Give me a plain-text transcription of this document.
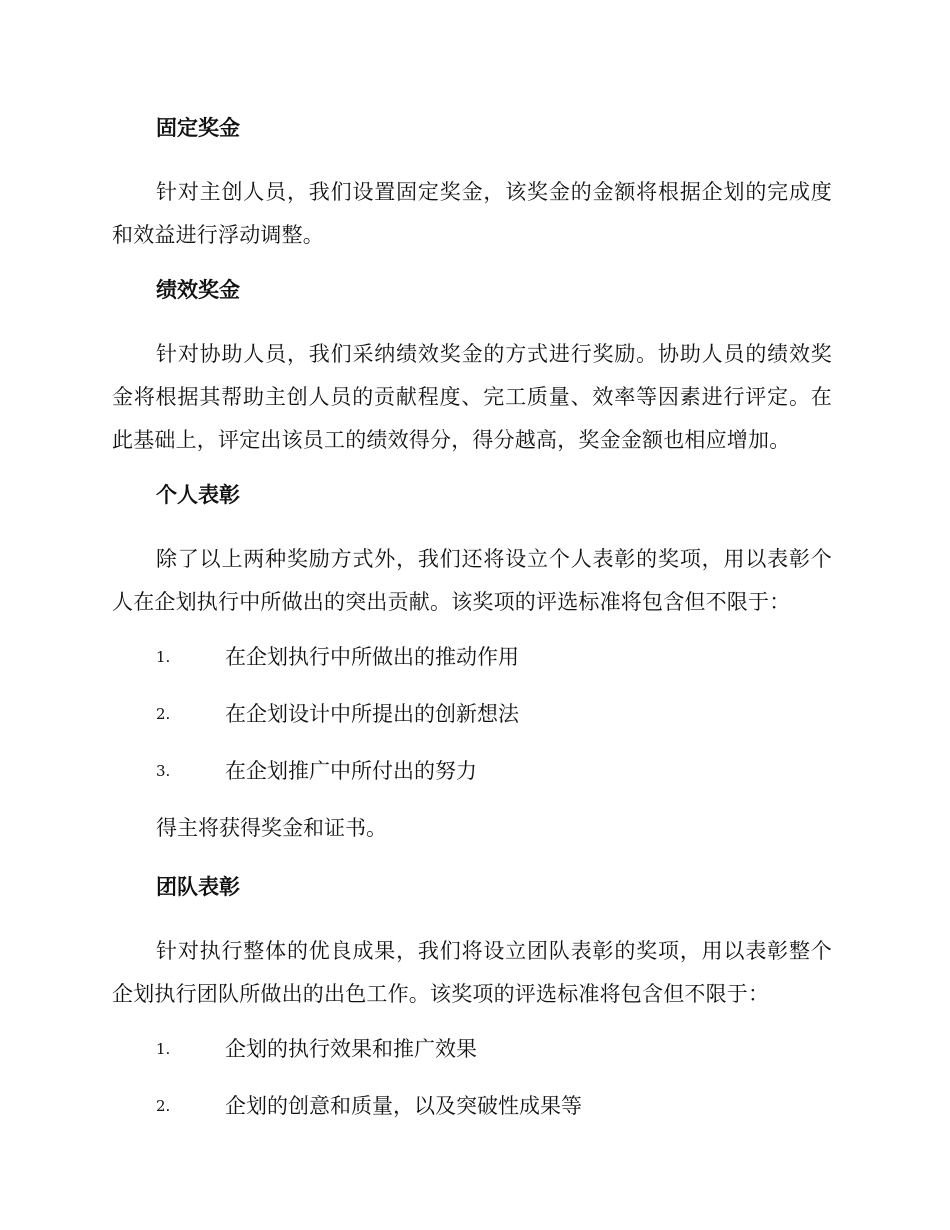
固定奖金

针对主创人员，我们设置固定奖金，该奖金的金额将根据企划的完成度和效益进行浮动调整。

绩效奖金

针对协助人员，我们采纳绩效奖金的方式进行奖励。协助人员的绩效奖金将根据其帮助主创人员的贡献程度、完工质量、效率等因素进行评定。在此基础上，评定出该员工的绩效得分，得分越高，奖金金额也相应增加。

个人表彰

除了以上两种奖励方式外，我们还将设立个人表彰的奖项，用以表彰个人在企划执行中所做出的突出贡献。该奖项的评选标准将包含但不限于：

1.	在企划执行中所做出的推动作用
2.	在企划设计中所提出的创新想法
3.	在企划推广中所付出的努力
得主将获得奖金和证书。
团队表彰

针对执行整体的优良成果，我们将设立团队表彰的奖项，用以表彰整个企划执行团队所做出的出色工作。该奖项的评选标准将包含但不限于：

1.	企划的执行效果和推广效果
2.	企划的创意和质量，以及突破性成果等
